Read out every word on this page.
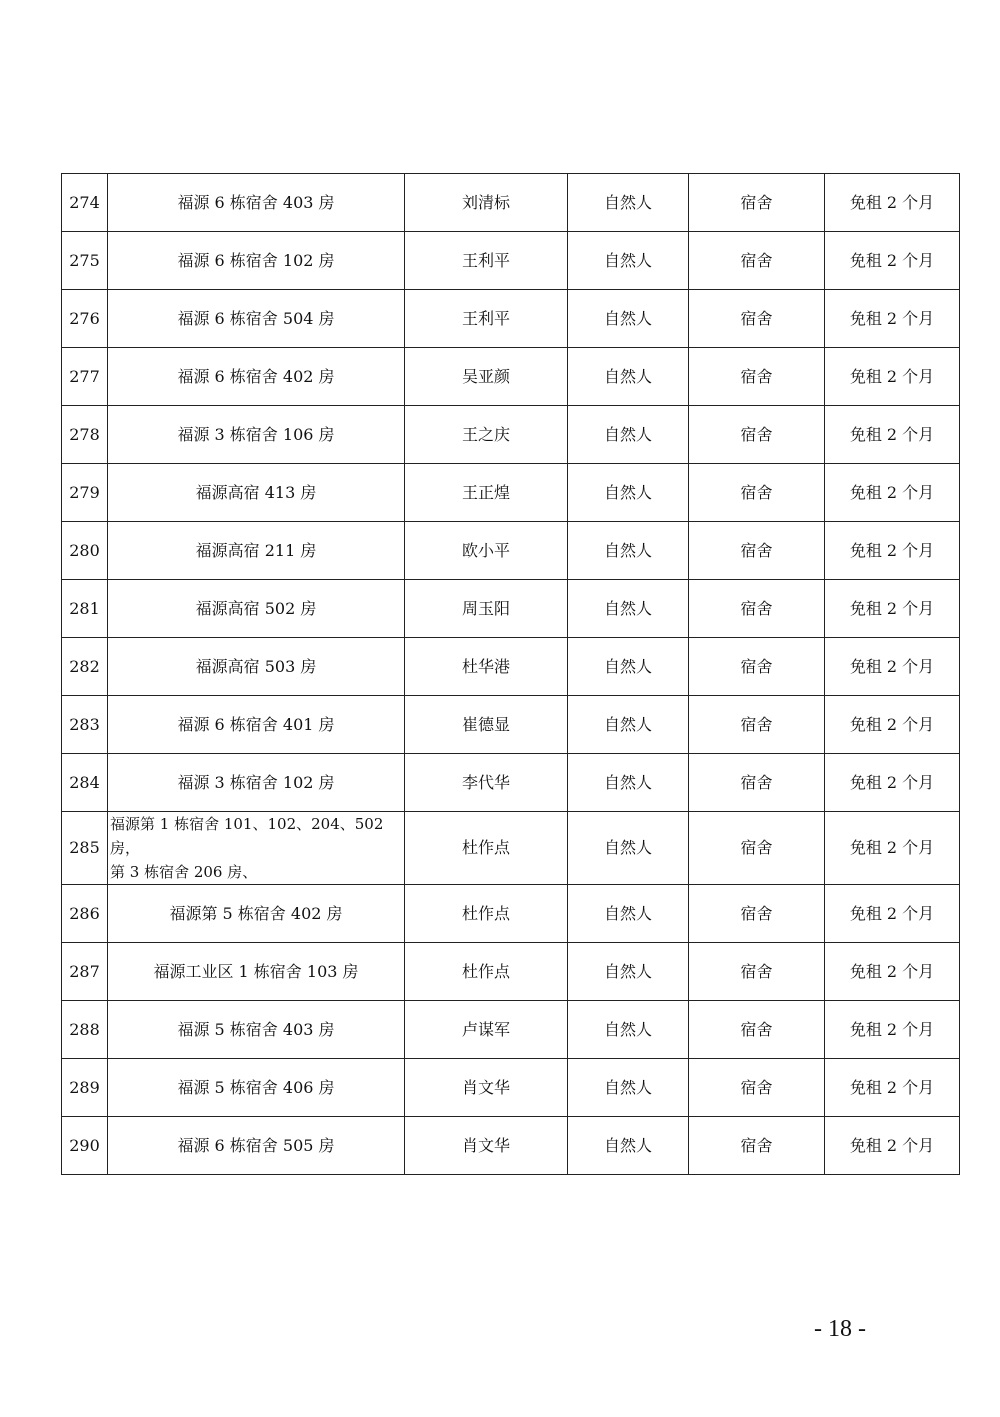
274	福源 6 栋宿舍 403 房	刘清标	自然人	宿舍	免租 2 个月
275	福源 6 栋宿舍 102 房	王利平	自然人	宿舍	免租 2 个月
276	福源 6 栋宿舍 504 房	王利平	自然人	宿舍	免租 2 个月
277	福源 6 栋宿舍 402 房	吴亚颜	自然人	宿舍	免租 2 个月
278	福源 3 栋宿舍 106 房	王之庆	自然人	宿舍	免租 2 个月
279	福源高宿 413 房	王正煌	自然人	宿舍	免租 2 个月
280	福源高宿 211 房	欧小平	自然人	宿舍	免租 2 个月
281	福源高宿 502 房	周玉阳	自然人	宿舍	免租 2 个月
282	福源高宿 503 房	杜华港	自然人	宿舍	免租 2 个月
283	福源 6 栋宿舍 401 房	崔德显	自然人	宿舍	免租 2 个月
284	福源 3 栋宿舍 102 房	李代华	自然人	宿舍	免租 2 个月
285	福源第 1 栋宿舍 101、102、204、502 房，
第 3 栋宿舍 206 房、	杜作点	自然人	宿舍	免租 2 个月
286	福源第 5 栋宿舍 402 房	杜作点	自然人	宿舍	免租 2 个月
287	福源工业区 1 栋宿舍 103 房	杜作点	自然人	宿舍	免租 2 个月
288	福源 5 栋宿舍 403 房	卢谋军	自然人	宿舍	免租 2 个月
289	福源 5 栋宿舍 406 房	肖文华	自然人	宿舍	免租 2 个月
290	福源 6 栋宿舍 505 房	肖文华	自然人	宿舍	免租 2 个月
- 18 -
